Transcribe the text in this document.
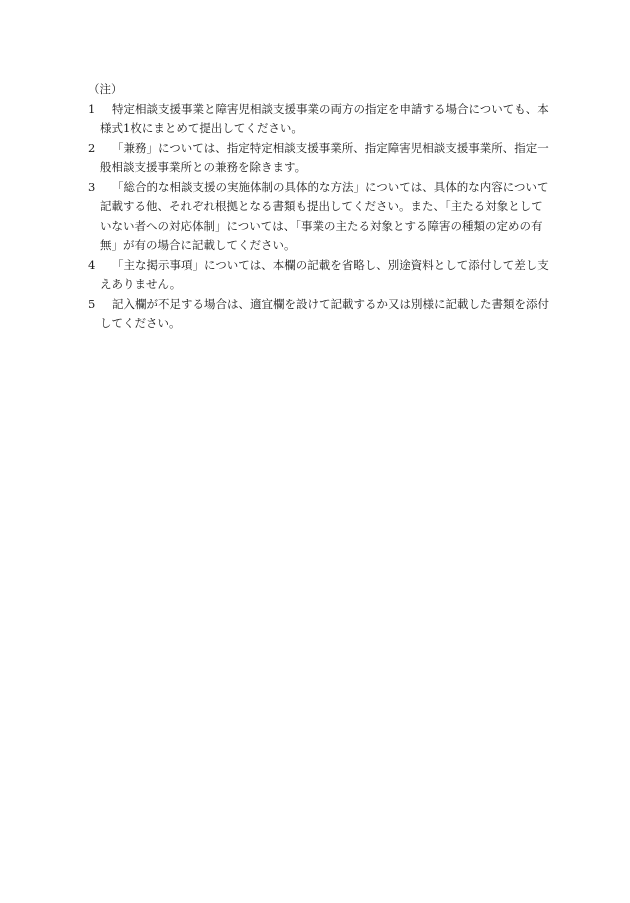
（注）
1	特定相談支援事業と障害児相談支援事業の両方の指定を申請する場合についても、本様式1枚にまとめて提出してください。
2	「兼務」については、指定特定相談支援事業所、指定障害児相談支援事業所、指定一般相談支援事業所との兼務を除きます。
3	「総合的な相談支援の実施体制の具体的な方法」については、具体的な内容について記載する他、それぞれ根拠となる書類も提出してください。また、「主たる対象としていない者への対応体制」については、「事業の主たる対象とする障害の種類の定めの有無」が有の場合に記載してください。
4	「主な掲示事項」については、本欄の記載を省略し、別途資料として添付して差し支えありません。
5	記入欄が不足する場合は、適宜欄を設けて記載するか又は別様に記載した書類を添付してください。
